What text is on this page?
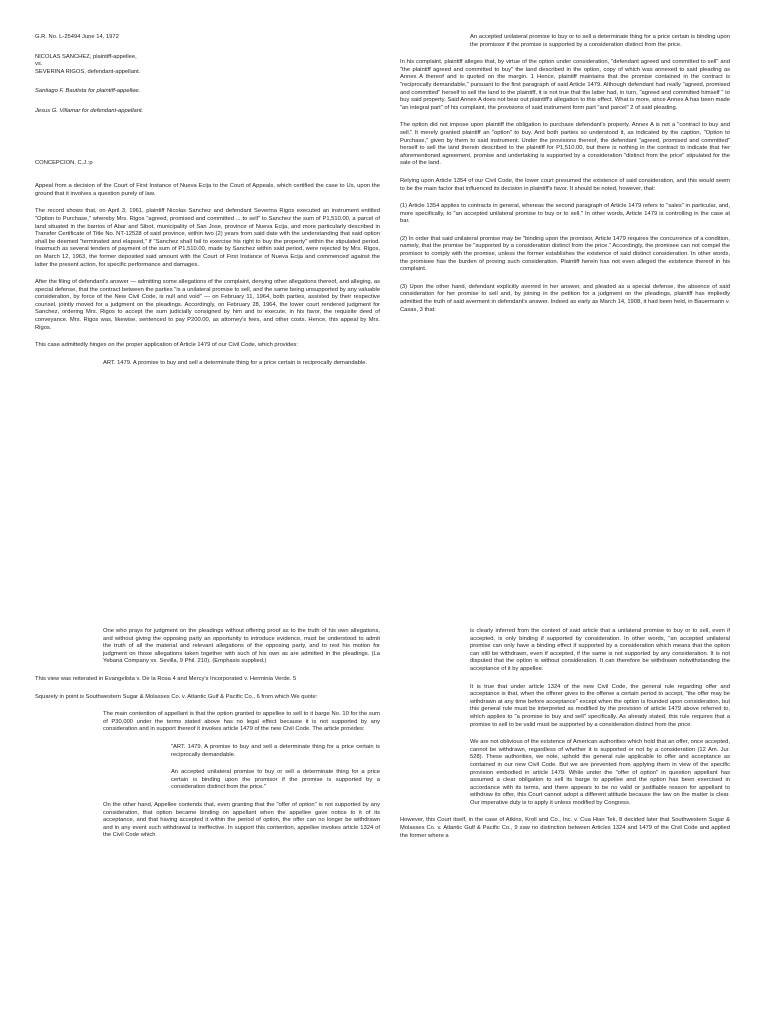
G.R. No. L-25494 June 14, 1972
NICOLAS SANCHEZ, plaintiff-appellee,
vs.
SEVERINA RIGOS, defendant-appellant.
Santiago F. Bautista for plaintiff-appellee.
Jesus G. Villamar for defendant-appellant.
CONCEPCION, C.J.:p

Appeal from a decision of the Court of First Instance of Nueva Ecija to the Court of Appeals, which certified the case to Us, upon the ground that it involves a question purely of law.

The record shows that, on April 3, 1961, plaintiff Nicolas Sanchez and defendant Severina Rigos executed an instrument entitled "Option to Purchase," whereby Mrs. Rigos "agreed, promised and committed ... to sell" to Sanchez the sum of P1,510.00, a parcel of land situated in the barrios of Abar and Sibot, municipality of San Jose, province of Nueva Ecija, and more particularly described in Transfer Certificate of Title No. NT-12528 of said province, within two (2) years from said date with the understanding that said option shall be deemed "terminated and elapsed," if "Sanchez shall fail to exercise his right to buy the property" within the stipulated period. Inasmuch as several tenders of payment of the sum of P1,510.00, made by Sanchez within said period, were rejected by Mrs. Rigos, on March 12, 1963, the former deposited said amount with the Court of First Instance of Nueva Ecija and commenced against the latter the present action, for specific performance and damages.

After the filing of defendant's answer — admitting some allegations of the complaint, denying other allegations thereof, and alleging, as special defense, that the contract between the parties "is a unilateral promise to sell, and the same being unsupported by any valuable consideration, by force of the New Civil Code, is null and void" — on February 11, 1964, both parties, assisted by their respective counsel, jointly moved for a judgment on the pleadings. Accordingly, on February 28, 1964, the lower court rendered judgment for Sanchez, ordering Mrs. Rigos to accept the sum judicially consigned by him and to execute, in his favor, the requisite deed of conveyance. Mrs. Rigos was, likewise, sentenced to pay P200.00, as attorney's fees, and other costs. Hence, this appeal by Mrs. Rigos.

This case admittedly hinges on the proper application of Article 1479 of our Civil Code, which provides:

ART. 1479. A promise to buy and sell a determinate thing for a price certain is reciprocally demandable.

An accepted unilateral promise to buy or to sell a determinate thing for a price certain is binding upon the promissor if the promise is supported by a consideration distinct from the price.

In his complaint, plaintiff alleges that, by virtue of the option under consideration, "defendant agreed and committed to sell" and "the plaintiff agreed and committed to buy" the land described in the option, copy of which was annexed to said pleading as Annex A thereof and is quoted on the margin. 1 Hence, plaintiff maintains that the promise contained in the contract is "reciprocally demandable," pursuant to the first paragraph of said Article 1479. Although defendant had really "agreed, promised and committed" herself to sell the land to the plaintiff, it is not true that the latter had, in turn, "agreed and committed himself " to buy said property. Said Annex A does not bear out plaintiff's allegation to this effect. What is more, since Annex A has been made "an integral part" of his complaint, the provisions of said instrument form part "and parcel" 2 of said pleading.

The option did not impose upon plaintiff the obligation to purchase defendant's property. Annex A is not a "contract to buy and sell." It merely granted plaintiff an "option" to buy. And both parties so understood it, as indicated by the caption, "Option to Purchase," given by them to said instrument. Under the provisions thereof, the defendant "agreed, promised and committed" herself to sell the land therein described to the plaintiff for P1,510.00, but there is nothing in the contract to indicate that her aforementioned agreement, promise and undertaking is supported by a consideration "distinct from the price" stipulated for the sale of the land.

Relying upon Article 1354 of our Civil Code, the lower court presumed the existence of said consideration, and this would seem to be the main factor that influenced its decision in plaintiff's favor. It should be noted, however, that:

(1) Article 1354 applies to contracts in general, whereas the second paragraph of Article 1479 refers to "sales" in particular, and, more specifically, to "an accepted unilateral promise to buy or to sell." In other words, Article 1479 is controlling in the case at bar.

(2) In order that said unilateral promise may be "binding upon the promisor, Article 1479 requires the concurrence of a condition, namely, that the promise be "supported by a consideration distinct from the price." Accordingly, the promisee can not compel the promisor to comply with the promise, unless the former establishes the existence of said distinct consideration. In other words, the promisee has the burden of proving such consideration. Plaintiff herein has not even alleged the existence thereof in his complaint.

(3) Upon the other hand, defendant explicitly averred in her answer, and pleaded as a special defense, the absence of said consideration for her promise to sell and, by joining in the petition for a judgment on the pleadings, plaintiff has impliedly admitted the truth of said averment in defendant's answer. Indeed as early as March 14, 1908, it had been held, in Bauermann v. Casas, 3 that:

One who prays for judgment on the pleadings without offering proof as to the truth of his own allegations, and without giving the opposing party an opportunity to introduce evidence, must be understood to admit the truth of all the material and relevant allegations of the opposing party, and to rest his motion for judgment on those allegations taken together with such of his own as are admitted in the pleadings. (La Yebana Company vs. Sevilla, 9 Phil. 210). (Emphasis supplied.)

This view was reiterated in Evangelista v. De la Rosa 4 and Mercy's Incorporated v. Herminia Verde. 5

Squarely in point is Southwestern Sugar & Molasses Co. v. Atlantic Gulf & Pacific Co., 6 from which We quote:

The main contention of appellant is that the option granted to appellee to sell to it barge No. 10 for the sum of P30,000 under the terms stated above has no legal effect because it is not supported by any consideration and in support thereof it invokes article 1479 of the new Civil Code. The article provides:

"ART. 1479. A promise to buy and sell a determinate thing for a price certain is reciprocally demandable.

An accepted unilateral promise to buy or sell a determinate thing for a price certain is binding upon the promisor if the promise is supported by a consideration distinct from the price."

On the other hand, Appellee contends that, even granting that the "offer of option" is not supported by any consideration, that option became binding on appellant when the appellee gave notice to it of its acceptance, and that having accepted it within the period of option, the offer can no longer be withdrawn and in any event such withdrawal is ineffective. In support this contention, appellee invokes article 1324 of the Civil Code which

is clearly inferred from the context of said article that a unilateral promise to buy or to sell, even if accepted, is only binding if supported by consideration. In other words, "an accepted unilateral promise can only have a binding effect if supported by a consideration which means that the option can still be withdrawn, even if accepted, if the same is not supported by any consideration. It is not disputed that the option is without consideration. It can therefore be withdrawn notwithstanding the acceptance of it by appellee.

It is true that under article 1324 of the new Civil Code, the general rule regarding offer and acceptance is that, when the offerer gives to the offeree a certain period to accept, "the offer may be withdrawn at any time before acceptance" except when the option is founded upon consideration, but this general rule must be interpreted as modified by the provision of article 1479 above referred to, which applies to "a promise to buy and sell" specifically. As already stated, this rule requires that a promise to sell to be valid must be supported by a consideration distinct from the price.

We are not oblivious of the existence of American authorities which hold that an offer, once accepted, cannot be withdrawn, regardless of whether it is supported or not by a consideration (12 Am. Jur. 528). These authorities, we note, uphold the general rule applicable to offer and acceptance as contained in our new Civil Code. But we are prevented from applying them in view of the specific provision embodied in article 1479. While under the "offer of option" in question appellant has assumed a clear obligation to sell its barge to appellee and the option has been exercised in accordance with its terms, and there appears to be no valid or justifiable reason for appellant to withdraw its offer, this Court cannot adopt a different attitude because the law on the matter is clear. Our imperative duty is to apply it unless modified by Congress.

However, this Court itself, in the case of Atkins, Kroll and Co., Inc. v. Cua Hian Tek, 8 decided later that Southwestern Sugar & Molasses Co. v. Atlantic Gulf & Pacific Co., 9 saw no distinction between Articles 1324 and 1479 of the Civil Code and applied the former where a
